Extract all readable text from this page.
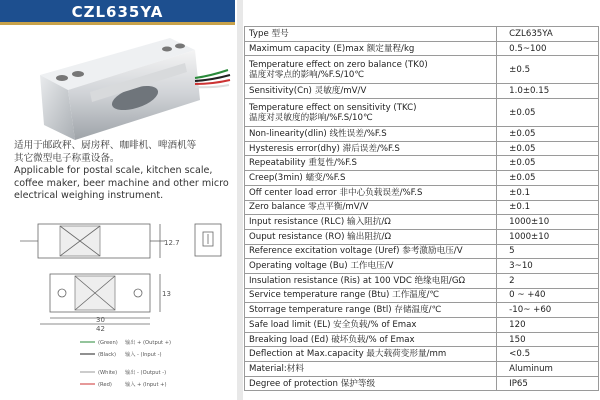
CZL635YA
适用于邮政秤、厨房秤、咖啡机、啤酒机等
其它微型电子称重设备。
Applicable for postal scale, kitchen scale, coffee maker, beer machine and other micro electrical weighing instrument.
12.7
13
30
42
(Green) 输出 + (Output +)
(Black) 输入 - (Input -)
(White) 输出 - (Output -)
(Red)	输入 + (Input +)
Type 型号	CZL635YA
Maximum capacity (E)max 额定量程/kg	0.5~100
Temperature effect on zero balance (TK0)
温度对零点的影响/%F.S/10℃	±0.5
Sensitivity(Cn) 灵敏度/mV/V	1.0±0.15
Temperature effect on sensitivity (TKC)
温度对灵敏度的影响/%F.S/10℃	±0.05
Non-linearity(dlin) 线性误差/%F.S	±0.05
Hysteresis error(dhy) 滞后误差/%F.S	±0.05
Repeatability 重复性/%F.S	±0.05
Creep(3min) 蠕变/%F.S	±0.05
Off center load error 非中心负载误差/%F.S	±0.1
Zero balance 零点平衡/mV/V	±0.1
Input resistance (RLC) 输入阻抗/Ω	1000±10
Ouput resistance (RO) 输出阻抗/Ω	1000±10
Reference excitation voltage (Uref) 参考激励电压/V	5
Operating voltage (Bu) 工作电压/V	3~10
Insulation resistance (Ris) at 100 VDC 绝缘电阻/GΩ	2
Service temperature range (Btu) 工作温度/℃	0 ~ +40
Storrage temperature range (Btl) 存储温度/℃	-10~ +60
Safe load limit (EL) 安全负载/% of Emax	120
Breaking load (Ed) 破坏负载/% of Emax	150
Deflection at Max.capacity 最大载荷变形量/mm	<0.5
Material:材料	Aluminum
Degree of protection 保护等级	IP65
